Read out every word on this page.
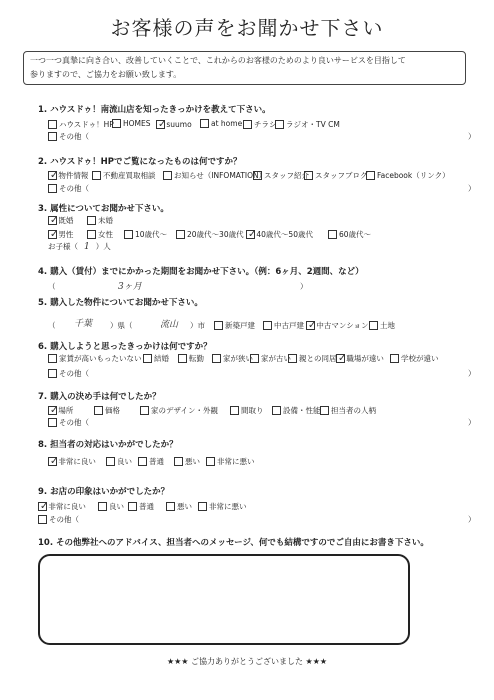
お客様の声をお聞かせ下さい
一つ一つ真摯に向き合い、改善していくことで、これからのお客様のためのより良いサービスを目指して
参りますので、ご協力をお願い致します。
1. ハウスドゥ！南流山店を知ったきっかけを教えて下さい。
ハウスドゥ！HP HOMES ✓ suumo	at home チラシ ラジオ・TV CM
その他（	）
2. ハウスドゥ！HPでご覧になったものは何ですか？
✓ 物件情報 不動産買取相談 お知らせ（INFOMATION）
スタッフ紹介 スタッフブログ Facebook（リンク）
その他（	）
3. 属性についてお聞かせ下さい。
✓ 既婚	未婚
✓ 男性	女性	10歳代～	20歳代～30歳代 ✓ 40歳代～50歳代	60歳代～
お子様（ 1 ）人
4. 購入（賃付）までにかかった期間をお聞かせ下さい。（例：6ヶ月、2週間、など）
（	3ヶ月	）
5. 購入した物件についてお聞かせ下さい。
（ 千葉 ）県（	流山 ）市	新築戸建	中古戸建 ✓ 中古マンション 土地
6. 購入しようと思ったきっかけは何ですか？
家賃が高いもったいない 結婚	転勤	家が狭い 家が古い 親との同居 ✓ 職場が遠い 学校が遠い
その他（	）
7. 購入の決め手は何でしたか？
✓ 場所	価格	家のデザイン・外観	間取り	設備・性能 担当者の人柄
その他（	）
8. 担当者の対応はいかがでしたか？
✓ 非常に良い	良い 普通	悪い 非常に悪い
9. お店の印象はいかがでしたか？
✓ 非常に良い	良い 普通	悪い 非常に悪い
その他（	）
10. その他弊社へのアドバイス、担当者へのメッセージ、何でも結構ですのでご自由にお書き下さい。
★★★ ご協力ありがとうございました ★★★
